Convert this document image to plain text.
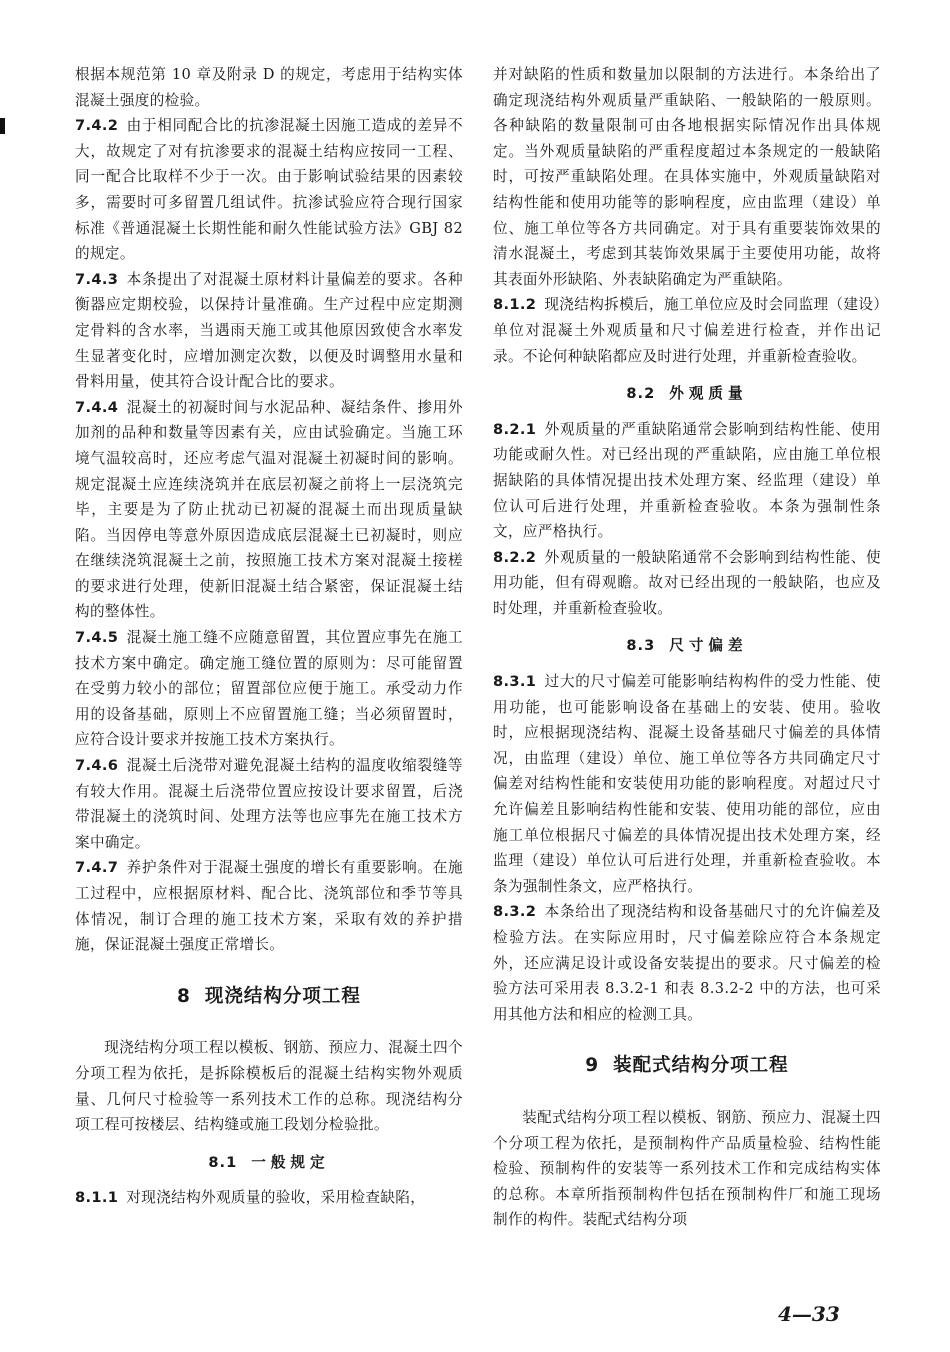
根据本规范第 10 章及附录 D 的规定，考虑用于结构实体混凝土强度的检验。

7.4.2 由于相同配合比的抗渗混凝土因施工造成的差异不大，故规定了对有抗渗要求的混凝土结构应按同一工程、同一配合比取样不少于一次。由于影响试验结果的因素较多，需要时可多留置几组试件。抗渗试验应符合现行国家标准《普通混凝土长期性能和耐久性能试验方法》GBJ 82 的规定。

7.4.3 本条提出了对混凝土原材料计量偏差的要求。各种衡器应定期校验，以保持计量准确。生产过程中应定期测定骨料的含水率，当遇雨天施工或其他原因致使含水率发生显著变化时，应增加测定次数，以便及时调整用水量和骨料用量，使其符合设计配合比的要求。

7.4.4 混凝土的初凝时间与水泥品种、凝结条件、掺用外加剂的品种和数量等因素有关，应由试验确定。当施工环境气温较高时，还应考虑气温对混凝土初凝时间的影响。规定混凝土应连续浇筑并在底层初凝之前将上一层浇筑完毕，主要是为了防止扰动已初凝的混凝土而出现质量缺陷。当因停电等意外原因造成底层混凝土已初凝时，则应在继续浇筑混凝土之前，按照施工技术方案对混凝土接槎的要求进行处理，使新旧混凝土结合紧密，保证混凝土结构的整体性。

7.4.5 混凝土施工缝不应随意留置，其位置应事先在施工技术方案中确定。确定施工缝位置的原则为：尽可能留置在受剪力较小的部位；留置部位应便于施工。承受动力作用的设备基础，原则上不应留置施工缝；当必须留置时，应符合设计要求并按施工技术方案执行。

7.4.6 混凝土后浇带对避免混凝土结构的温度收缩裂缝等有较大作用。混凝土后浇带位置应按设计要求留置，后浇带混凝土的浇筑时间、处理方法等也应事先在施工技术方案中确定。

7.4.7 养护条件对于混凝土强度的增长有重要影响。在施工过程中，应根据原材料、配合比、浇筑部位和季节等具体情况，制订合理的施工技术方案，采取有效的养护措施，保证混凝土强度正常增长。

8 现浇结构分项工程

现浇结构分项工程以模板、钢筋、预应力、混凝土四个分项工程为依托，是拆除模板后的混凝土结构实物外观质量、几何尺寸检验等一系列技术工作的总称。现浇结构分项工程可按楼层、结构缝或施工段划分检验批。

8.1 一般规定

8.1.1 对现浇结构外观质量的验收，采用检查缺陷，

并对缺陷的性质和数量加以限制的方法进行。本条给出了确定现浇结构外观质量严重缺陷、一般缺陷的一般原则。各种缺陷的数量限制可由各地根据实际情况作出具体规定。当外观质量缺陷的严重程度超过本条规定的一般缺陷时，可按严重缺陷处理。在具体实施中，外观质量缺陷对结构性能和使用功能等的影响程度，应由监理（建设）单位、施工单位等各方共同确定。对于具有重要装饰效果的清水混凝土，考虑到其装饰效果属于主要使用功能，故将其表面外形缺陷、外表缺陷确定为严重缺陷。

8.1.2 现浇结构拆模后，施工单位应及时会同监理（建设）单位对混凝土外观质量和尺寸偏差进行检查，并作出记录。不论何种缺陷都应及时进行处理，并重新检查验收。

8.2 外观质量

8.2.1 外观质量的严重缺陷通常会影响到结构性能、使用功能或耐久性。对已经出现的严重缺陷，应由施工单位根据缺陷的具体情况提出技术处理方案、经监理（建设）单位认可后进行处理，并重新检查验收。本条为强制性条文，应严格执行。

8.2.2 外观质量的一般缺陷通常不会影响到结构性能、使用功能，但有碍观瞻。故对已经出现的一般缺陷，也应及时处理，并重新检查验收。

8.3 尺寸偏差

8.3.1 过大的尺寸偏差可能影响结构构件的受力性能、使用功能，也可能影响设备在基础上的安装、使用。验收时，应根据现浇结构、混凝土设备基础尺寸偏差的具体情况，由监理（建设）单位、施工单位等各方共同确定尺寸偏差对结构性能和安装使用功能的影响程度。对超过尺寸允许偏差且影响结构性能和安装、使用功能的部位，应由施工单位根据尺寸偏差的具体情况提出技术处理方案，经监理（建设）单位认可后进行处理，并重新检查验收。本条为强制性条文，应严格执行。

8.3.2 本条给出了现浇结构和设备基础尺寸的允许偏差及检验方法。在实际应用时，尺寸偏差除应符合本条规定外，还应满足设计或设备安装提出的要求。尺寸偏差的检验方法可采用表 8.3.2-1 和表 8.3.2-2 中的方法，也可采用其他方法和相应的检测工具。

9 装配式结构分项工程

装配式结构分项工程以模板、钢筋、预应力、混凝土四个分项工程为依托，是预制构件产品质量检验、结构性能检验、预制构件的安装等一系列技术工作和完成结构实体的总称。本章所指预制构件包括在预制构件厂和施工现场制作的构件。装配式结构分项

4—33
